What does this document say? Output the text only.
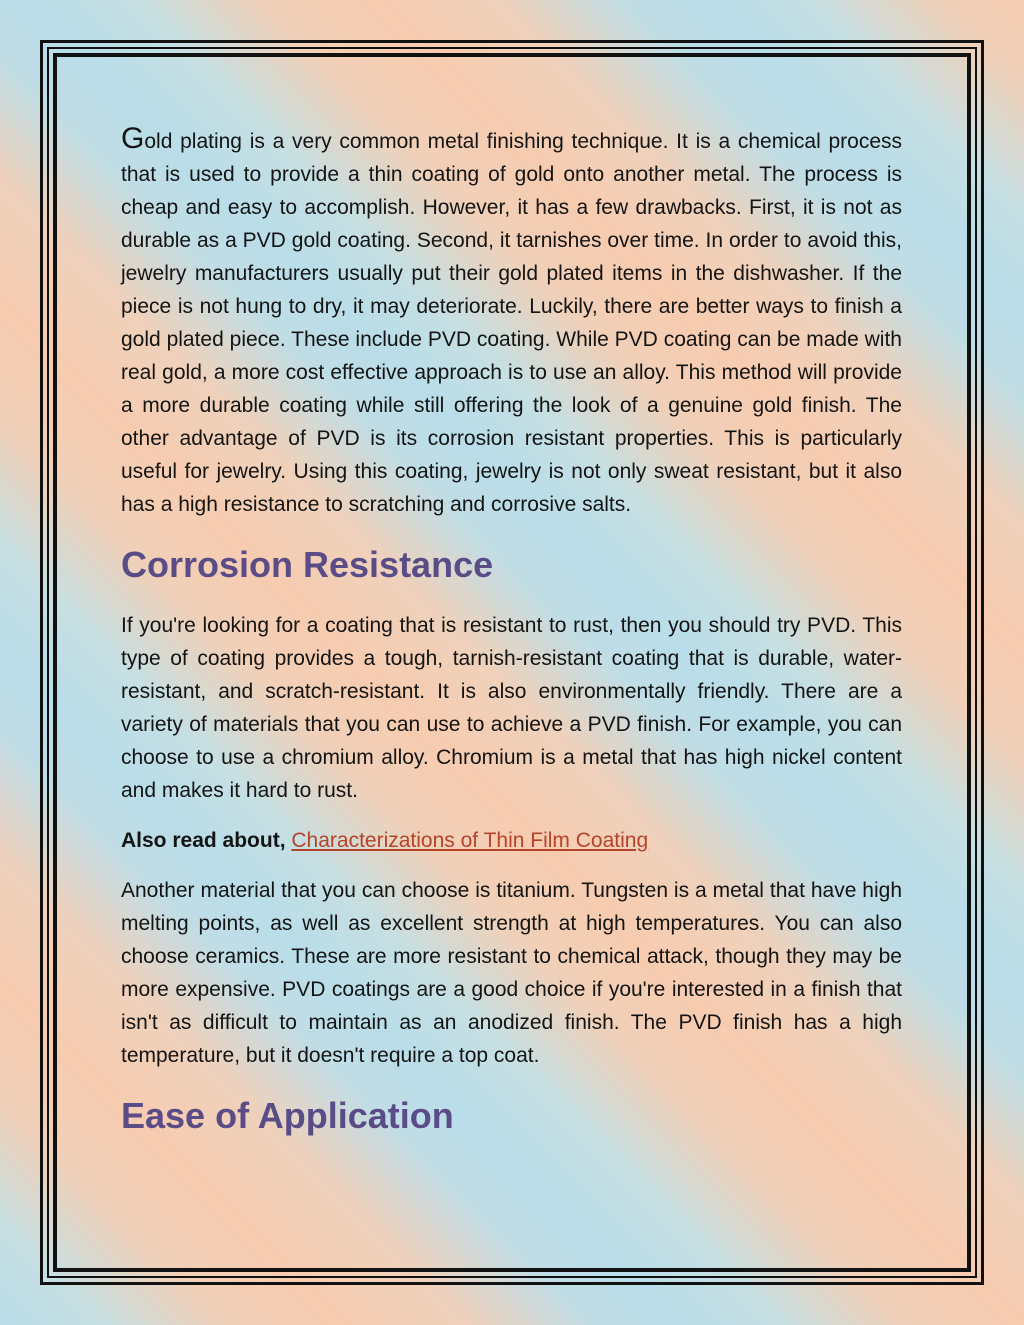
Gold plating is a very common metal finishing technique. It is a chemical process that is used to provide a thin coating of gold onto another metal. The process is cheap and easy to accomplish. However, it has a few drawbacks. First, it is not as durable as a PVD gold coating. Second, it tarnishes over time. In order to avoid this, jewelry manufacturers usually put their gold plated items in the dishwasher. If the piece is not hung to dry, it may deteriorate. Luckily, there are better ways to finish a gold plated piece. These include PVD coating. While PVD coating can be made with real gold, a more cost effective approach is to use an alloy. This method will provide a more durable coating while still offering the look of a genuine gold finish. The other advantage of PVD is its corrosion resistant properties. This is particularly useful for jewelry. Using this coating, jewelry is not only sweat resistant, but it also has a high resistance to scratching and corrosive salts.

Corrosion Resistance

If you're looking for a coating that is resistant to rust, then you should try PVD. This type of coating provides a tough, tarnish-resistant coating that is durable, water-resistant, and scratch-resistant. It is also environmentally friendly. There are a variety of materials that you can use to achieve a PVD finish. For example, you can choose to use a chromium alloy. Chromium is a metal that has high nickel content and makes it hard to rust.

Also read about, Characterizations of Thin Film Coating

Another material that you can choose is titanium. Tungsten is a metal that have high melting points, as well as excellent strength at high temperatures. You can also choose ceramics. These are more resistant to chemical attack, though they may be more expensive. PVD coatings are a good choice if you're interested in a finish that isn't as difficult to maintain as an anodized finish. The PVD finish has a high temperature, but it doesn't require a top coat.

Ease of Application
